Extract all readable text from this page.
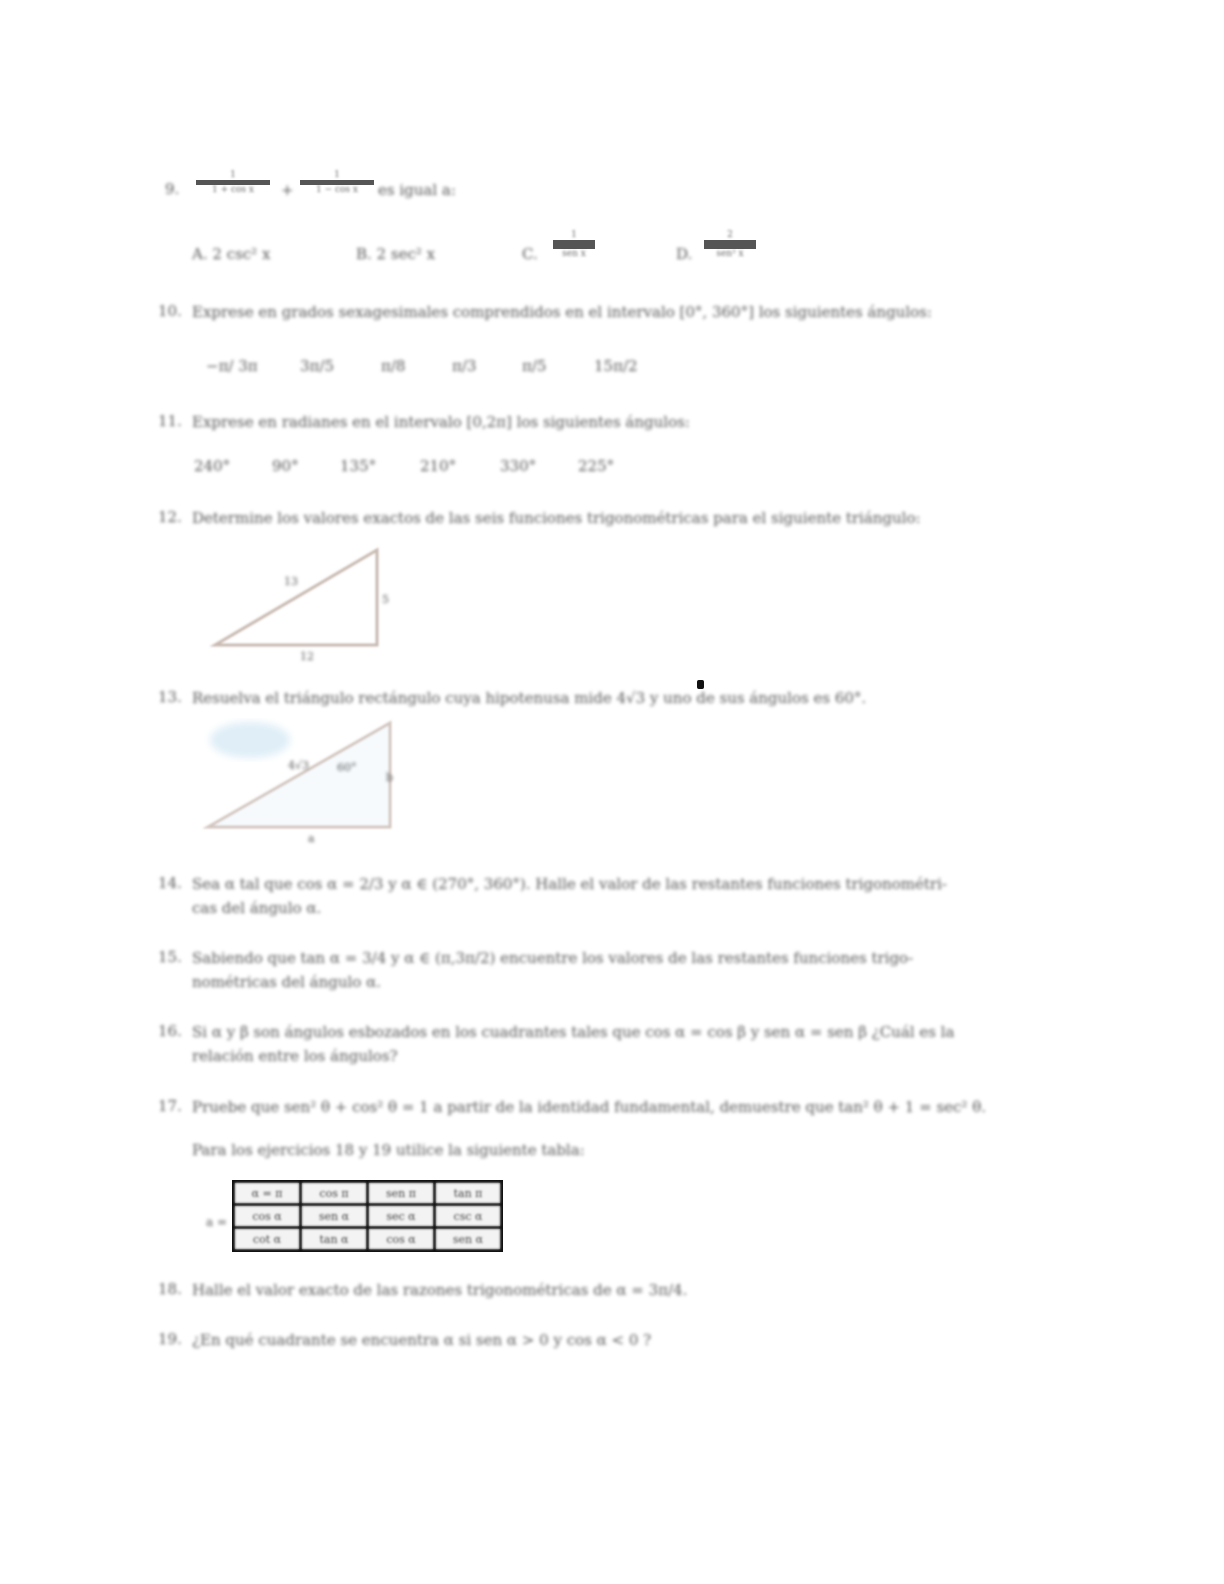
9.
1
1 + cos x +
1
1 − cos x es igual a:
A. 2 csc² x	B. 2 sec² x	C.
1
sen x	D.
2
sen² x
10. Exprese en grados sexagesimales comprendidos en el intervalo [0°, 360°] los siguientes ángulos:
−π/ 3π	3π/5	π/8	π/3	π/5	15π/2
11. Exprese en radianes en el intervalo [0,2π] los siguientes ángulos:
240°	90°	135°	210°	330°	225°
12. Determine los valores exactos de las seis funciones trigonométricas para el siguiente triángulo:
13
5
12
13. Resuelva el triángulo rectángulo cuya hipotenusa mide 4√3 y uno de sus ángulos es 60°.
4√3	60°
b
a
14. Sea α tal que cos α = 2/3 y α ∈ (270°, 360°). Halle el valor de las restantes funciones trigonométri-
cas del ángulo α.
15. Sabiendo que tan α = 3/4 y α ∈ (π,3π/2) encuentre los valores de las restantes funciones trigo-
nométricas del ángulo α.
16. Si α y β son ángulos esbozados en los cuadrantes tales que cos α = cos β y sen α = sen β ¿Cuál es la
relación entre los ángulos?
17. Pruebe que sen² θ + cos² θ = 1 a partir de la identidad fundamental, demuestre que tan² θ + 1 = sec² θ.
Para los ejercicios 18 y 19 utilice la siguiente tabla:
a =
α = π	cos π	sen π	tan π
cos α	sen α	sec α	csc α
cot α	tan α	cos α	sen α
18. Halle el valor exacto de las razones trigonométricas de α = 3π/4.
19. ¿En qué cuadrante se encuentra α si sen α > 0 y cos α < 0 ?
